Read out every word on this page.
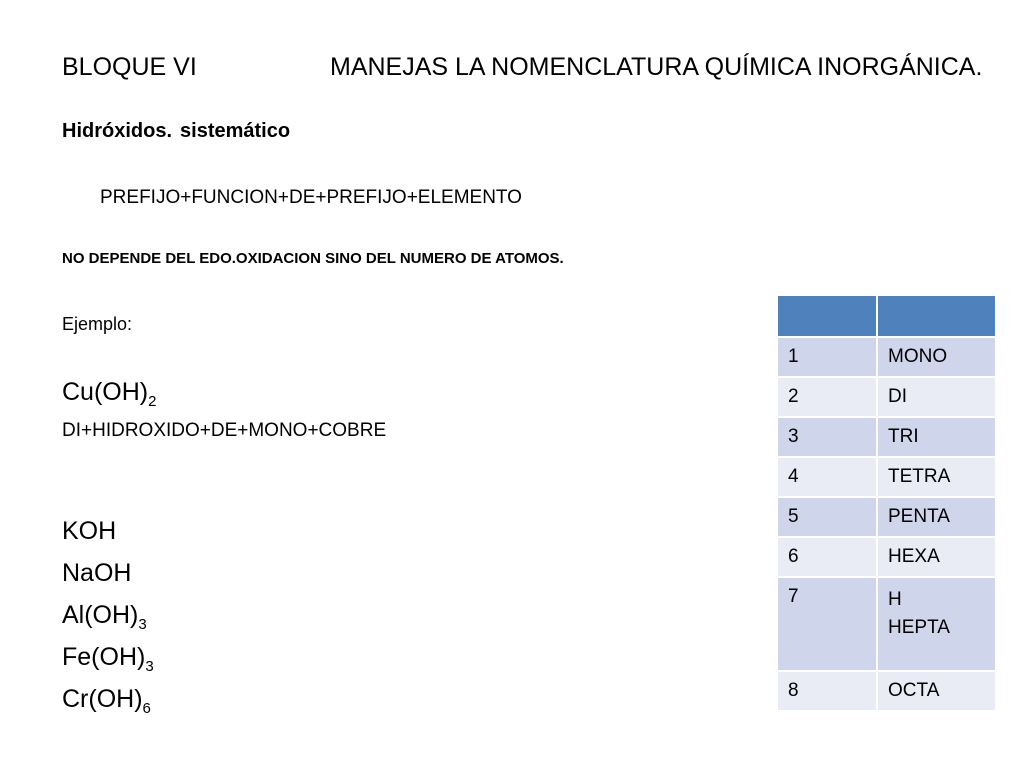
BLOQUE VI	MANEJAS LA NOMENCLATURA QUÍMICA INORGÁNICA.
Hidróxidos. sistemático
PREFIJO+FUNCION+DE+PREFIJO+ELEMENTO
NO DEPENDE DEL EDO.OXIDACION SINO DEL NUMERO DE ATOMOS.
Ejemplo:
$Cu(OH)_2$
DI+HIDROXIDO+DE+MONO+COBRE
KOH
NaOH
$Al(OH)_3$
$Fe(OH)_3$
$Cr(OH)_6$

1	MONO
2	DI
3	TRI
4	TETRA
5	PENTA
6	HEXA
7	H
HEPTA

8	OCTA
